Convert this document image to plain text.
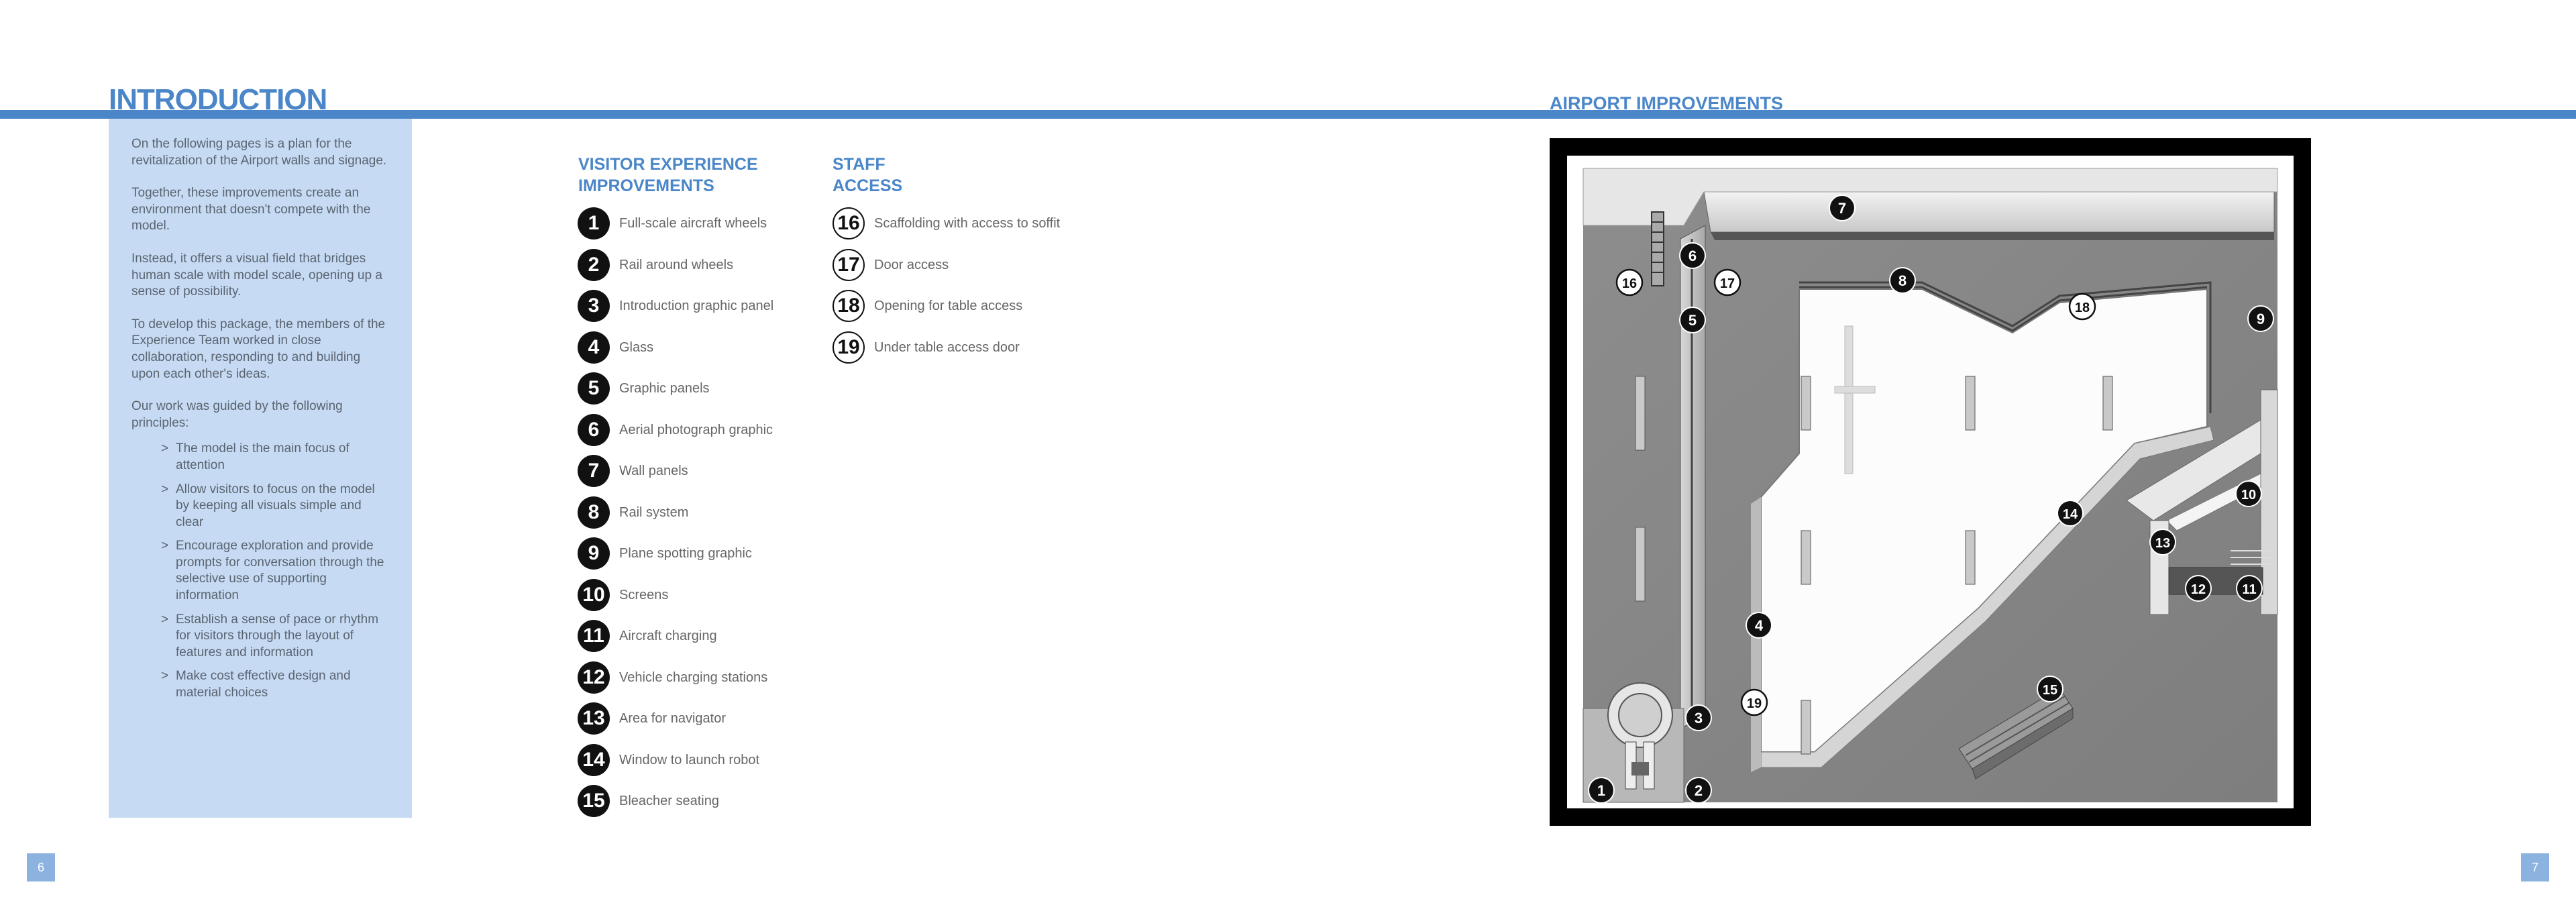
INTRODUCTION

On the following pages is a plan for the revitalization of the Airport walls and signage.

Together, these improvements create an environment that doesn't compete with the model.

Instead, it offers a visual field that bridges human scale with model scale, opening up a sense of possibility.

To develop this package, the members of the Experience Team worked in close collaboration, responding to and building upon each other's ideas.

Our work was guided by the following principles:

> The model is the main focus of attention
> Allow visitors to focus on the model by keeping all visuals simple and clear
> Encourage exploration and provide prompts for conversation through the selective use of supporting information
> Establish a sense of pace or rhythm for visitors through the layout of features and information
> Make cost effective design and material choices
VISITOR EXPERIENCE
IMPROVEMENTS
STAFF
ACCESS
1	Full-scale aircraft wheels
2	Rail around wheels
3	Introduction graphic panel
4	Glass
5	Graphic panels
6	Aerial photograph graphic
7	Wall panels
8	Rail system
9	Plane spotting graphic
10	Screens
11	Aircraft charging
12	Vehicle charging stations
13	Area for navigator
14	Window to launch robot
15	Bleacher seating
16	Scaffolding with access to soffit
17	Door access
18	Opening for table access
19	Under table access door
6
AIRPORT IMPROVEMENTS
1	2
3
4
5
6
7
8
9
10
11
12
13
14
15
16	17
18
19
7
